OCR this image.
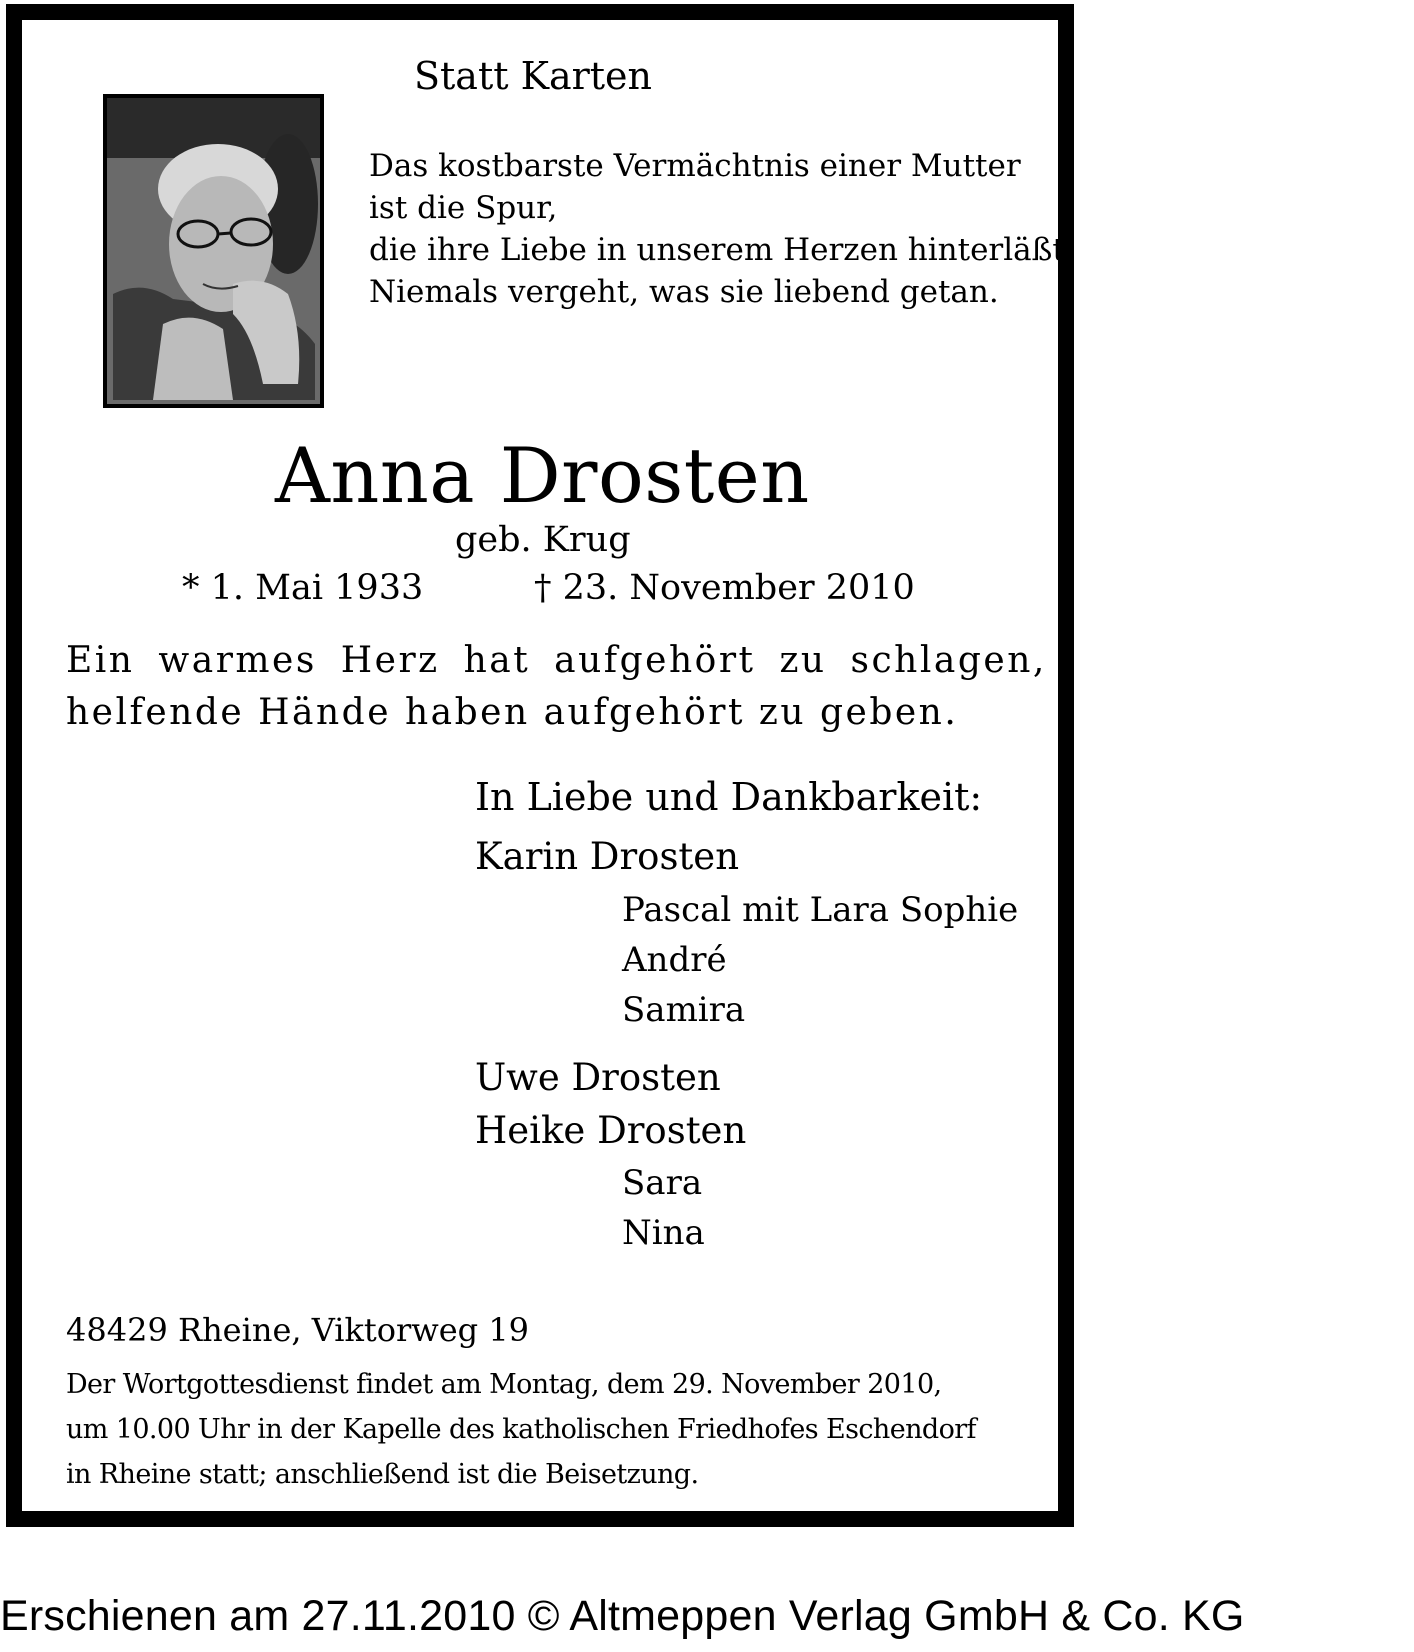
Statt Karten
Das kostbarste Vermächtnis einer Mutter
ist die Spur,
die ihre Liebe in unserem Herzen hinterläßt.
Niemals vergeht, was sie liebend getan.
Anna Drosten
geb. Krug
* 1. Mai 1933	† 23. November 2010
Ein warmes Herz hat aufgehört zu schlagen,
helfende Hände haben aufgehört zu geben.
In Liebe und Dankbarkeit:
Karin Drosten
Pascal mit Lara Sophie
André
Samira
Uwe Drosten
Heike Drosten
Sara
Nina
48429 Rheine, Viktorweg 19
Der Wortgottesdienst findet am Montag, dem 29. November 2010,
um 10.00 Uhr in der Kapelle des katholischen Friedhofes Eschendorf
in Rheine statt; anschließend ist die Beisetzung.
Erschienen am 27.11.2010 © Altmeppen Verlag GmbH & Co. KG
